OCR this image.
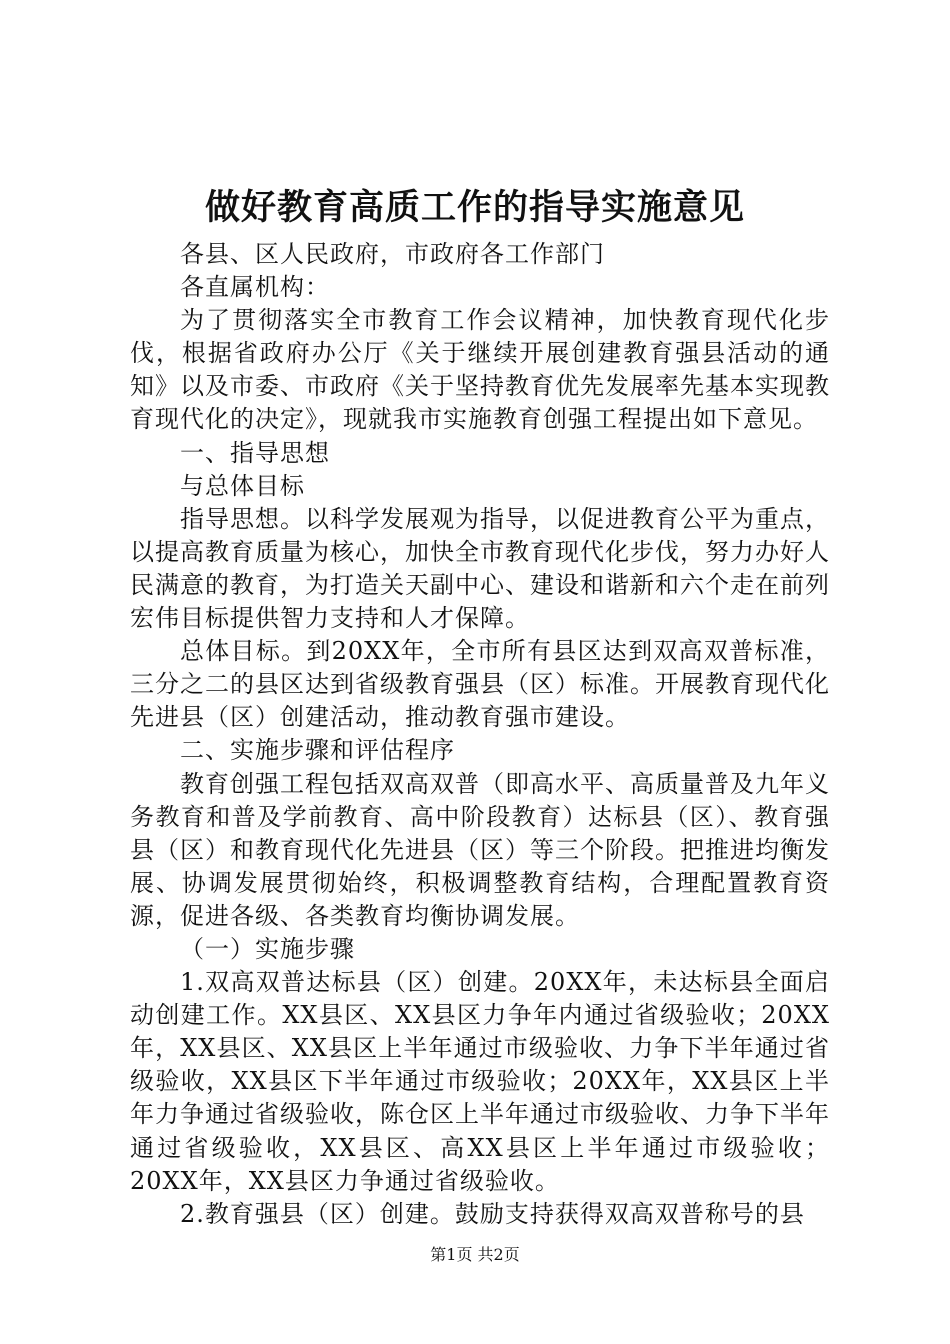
做好教育高质工作的指导实施意见

各县、区人民政府，市政府各工作部门

各直属机构：

为了贯彻落实全市教育工作会议精神，加快教育现代化步伐，根据省政府办公厅《关于继续开展创建教育强县活动的通知》以及市委、市政府《关于坚持教育优先发展率先基本实现教育现代化的决定》，现就我市实施教育创强工程提出如下意见。

一、指导思想

与总体目标

指导思想。以科学发展观为指导，以促进教育公平为重点，以提高教育质量为核心，加快全市教育现代化步伐，努力办好人民满意的教育，为打造关天副中心、建设和谐新和六个走在前列宏伟目标提供智力支持和人才保障。

总体目标。到20XX年，全市所有县区达到双高双普标准，三分之二的县区达到省级教育强县（区）标准。开展教育现代化先进县（区）创建活动，推动教育强市建设。

二、实施步骤和评估程序

教育创强工程包括双高双普（即高水平、高质量普及九年义务教育和普及学前教育、高中阶段教育）达标县（区）、教育强县（区）和教育现代化先进县（区）等三个阶段。把推进均衡发展、协调发展贯彻始终，积极调整教育结构，合理配置教育资源，促进各级、各类教育均衡协调发展。

（一）实施步骤

1.双高双普达标县（区）创建。20XX年，未达标县全面启动创建工作。XX县区、XX县区力争年内通过省级验收；20XX年，XX县区、XX县区上半年通过市级验收、力争下半年通过省级验收，XX县区下半年通过市级验收；20XX年，XX县区上半年力争通过省级验收，陈仓区上半年通过市级验收、力争下半年通过省级验收，XX县区、高XX县区上半年通过市级验收；20XX年，XX县区力争通过省级验收。

2.教育强县（区）创建。鼓励支持获得双高双普称号的县

第1页 共2页
